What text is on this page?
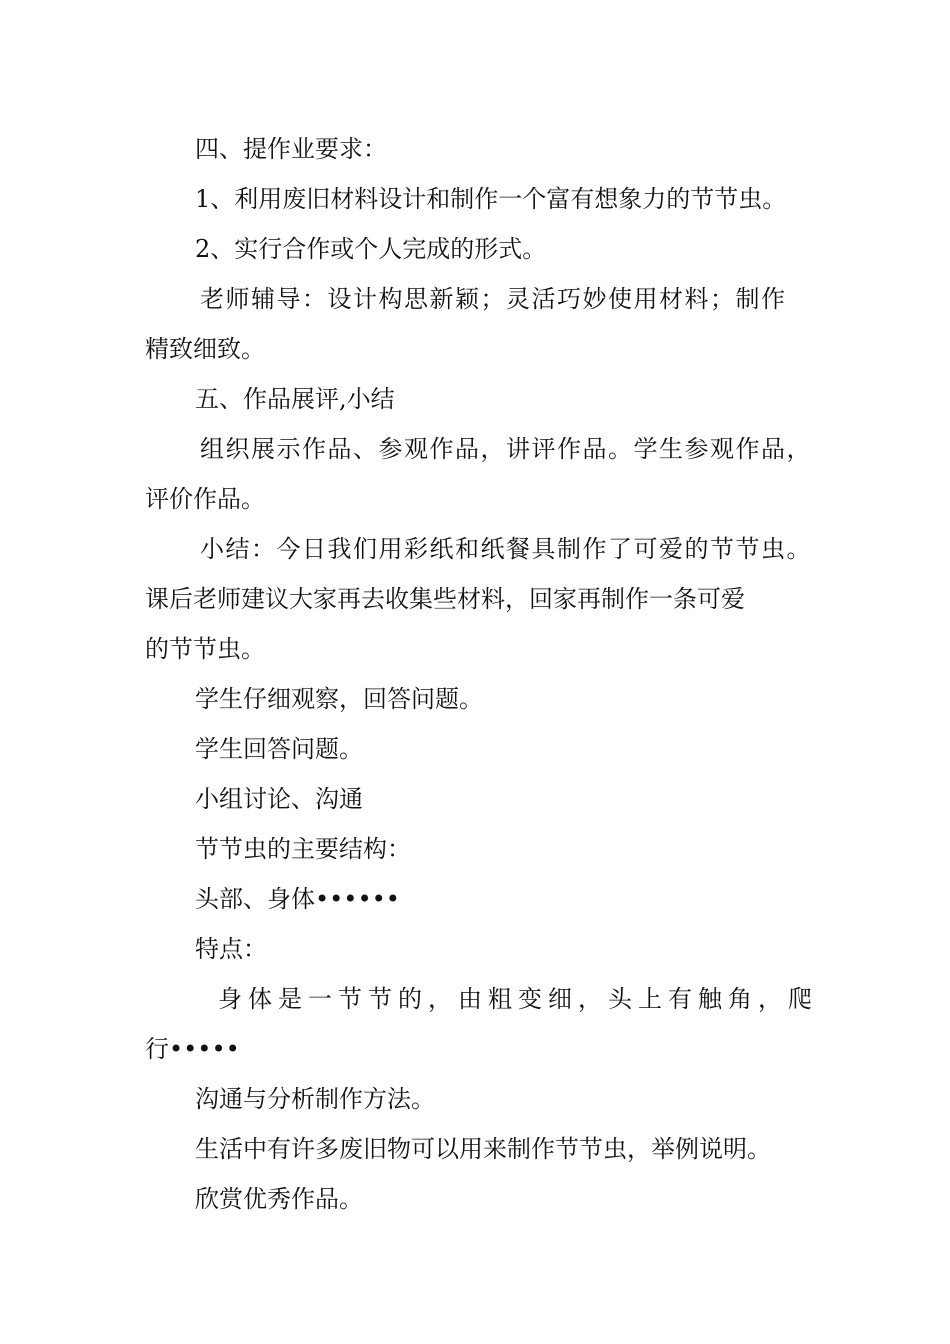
四、提作业要求：
1、利用废旧材料设计和制作一个富有想象力的节节虫。
2、实行合作或个人完成的形式。
老师辅导：设计构思新颖；灵活巧妙使用材料；制作
精致细致。
五、作品展评,小结
组织展示作品、参观作品，讲评作品。学生参观作品，
评价作品。
小结：今日我们用彩纸和纸餐具制作了可爱的节节虫。
课后老师建议大家再去收集些材料，回家再制作一条可爱
的节节虫。
学生仔细观察，回答问题。
学生回答问题。
小组讨论、沟通
节节虫的主要结构：
头部、身体••••••
特点：
身体是一节节的，由粗变细，头上有触角，爬
行•••••
沟通与分析制作方法。
生活中有许多废旧物可以用来制作节节虫，举例说明。
欣赏优秀作品。
